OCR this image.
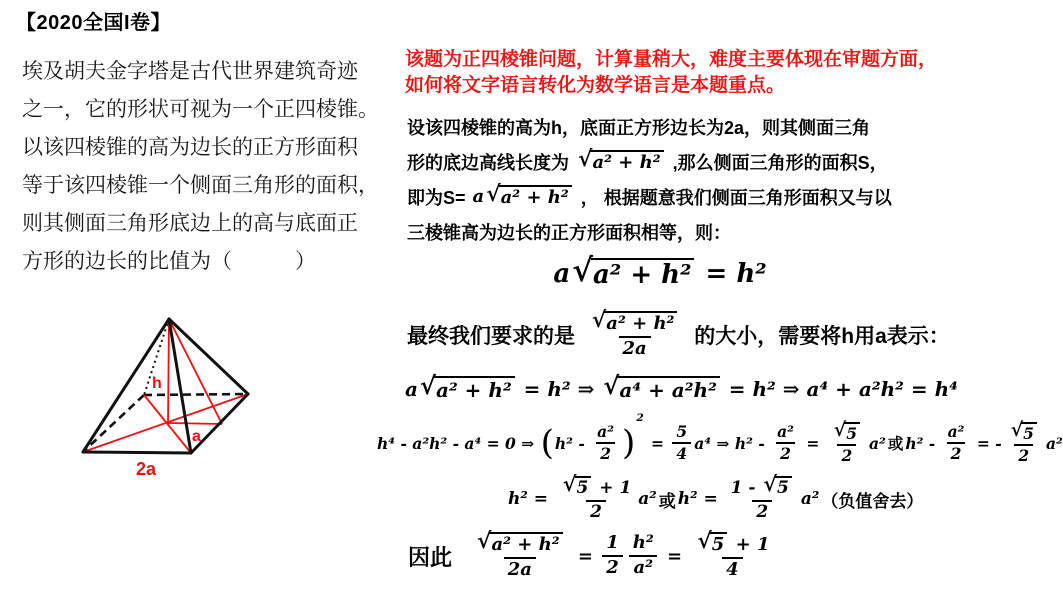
【2020全国I卷】
埃及胡夫金字塔是古代世界建筑奇迹
之一，它的形状可视为一个正四棱锥。
以该四棱锥的高为边长的正方形面积
等于该四棱锥一个侧面三角形的面积，
则其侧面三角形底边上的高与底面正
方形的边长的比值为（　　　）
h
a
2a
该题为正四棱锥问题，计算量稍大，难度主要体现在审题方面，如何将文字语言转化为数学语言是本题重点。
设该四棱锥的高为h，底面正方形边长为2a，则其侧面三角
形的底边高线长度为 √ a² + h² ,那么侧面三角形的面积S，
即为S= a √ a² + h² ， 根据题意我们侧面三角形面积又与以
三棱锥高为边长的正方形面积相等，则：
a √ a² + h² = h²
最终我们要求的是 $\frac{\text{√ a² + h²}}{2a}$ 的大小，需要将h用a表示：
a √ a² + h² = h² ⇒ √ a⁴ + a²h² = h² ⇒ a⁴ + a²h² = h⁴
h⁴ - a²h² - a⁴ = 0 ⇒ ( $h^2 - \frac{\text{a²}}{2}$ )
2
= $\frac{5}{4} a^4$ ⇒ $h^2 - \frac{\text{a²}}{2} = \frac{√ 5}{2} a^2$ 或 $h^2 - \frac{\text{a²}}{2}$ = - $\frac{√ 5}{2} a^2$
$h^2 = \frac{√ 5 + 1}{2} a^2$ 或 $h^2 = \frac{1 - √ 5}{2} a^2$ （负值舍去）
因此 $\frac{\text{√ a² + h²}}{2a} = \frac{1}{2} \frac{\text{h²}}{\text{a²}} = \frac{√ 5 + 1}{4}$
